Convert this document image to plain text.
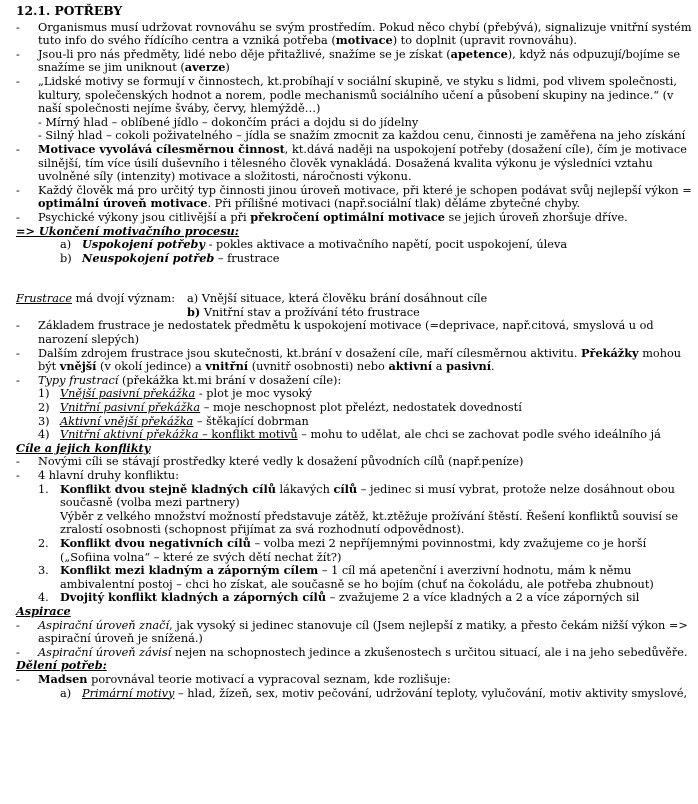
12.1. POTŘEBY
-	Organismus musí udržovat rovnováhu se svým prostředím. Pokud něco chybí (přebývá), signalizuje vnitřní systém tuto info do svého řídícího centra a vzniká potřeba (motivace) to doplnit (upravit rovnováhu).
-	Jsou-li pro nás předměty, lidé nebo děje přitažlivé, snažíme se je získat (apetence), když nás odpuzují/bojíme se snažíme se jim uniknout (averze)
-	„Lidské motivy se formují v činnostech, kt.probíhají v sociální skupině, ve styku s lidmi, pod vlivem společnosti, kultury, společenských hodnot a norem, podle mechanismů sociálního učení a působení skupiny na jedince.“ (v naší společnosti nejíme šváby, červy, hlemýždě…)
- Mírný hlad – oblíbené jídlo – dokončím práci a dojdu si do jídelny
- Silný hlad – cokoli poživatelného – jídla se snažím zmocnit za každou cenu, činnosti je zaměřena na jeho získání
-	Motivace vyvolává cílesměrnou činnost, kt.dává naději na uspokojení potřeby (dosažení cíle), čím je motivace silnější, tím více úsilí duševního i tělesného člověk vynakládá. Dosažená kvalita výkonu je výsledníci vztahu uvolněné síly (intenzity) motivace a složitosti, náročnosti výkonu.
-	Každý člověk má pro určitý typ činnosti jinou úroveň motivace, při které je schopen podávat svůj nejlepší výkon = optimální úroveň motivace. Při přílišné motivaci (např.sociální tlak) děláme zbytečné chyby.
-	Psychické výkony jsou citlivější a při překročení optimální motivace se jejich úroveň zhoršuje dříve.
=> Ukončení motivačního procesu:
a) Uspokojení potřeby - pokles aktivace a motivačního napětí, pocit uspokojení, úleva
b) Neuspokojení potřeb – frustrace
Frustrace má dvojí význam: a) Vnější situace, která člověku brání dosáhnout cíle
b) Vnitřní stav a prožívání této frustrace
-	Základem frustrace je nedostatek předmětu k uspokojení motivace (=deprivace, např.citová, smyslová u od narození slepých)
-	Dalším zdrojem frustrace jsou skutečnosti, kt.brání v dosažení cíle, maří cílesměrnou aktivitu. Překážky mohou být vnější (v okolí jedince) a vnitřní (uvnitř osobnosti) nebo aktivní a pasivní.
-	Typy frustrací (překážka kt.mi brání v dosažení cíle):
1) Vnější pasivní překážka - plot je moc vysoký
2) Vnitřní pasivní překážka – moje neschopnost plot přelézt, nedostatek dovedností
3) Aktivní vnější překážka – štěkající dobrman
4) Vnitřní aktivní překážka – konflikt motivů – mohu to udělat, ale chci se zachovat podle svého ideálního já
Cíle a jejich konflikty
-	Novými cíli se stávají prostředky které vedly k dosažení původních cílů (např.peníze)
-	4 hlavní druhy konfliktu:
1. Konflikt dvou stejně kladných cílů lákavých cílů – jedinec si musí vybrat, protože nelze dosáhnout obou současně (volba mezi partnery)
Výběr z velkého množství možností představuje zátěž, kt.ztěžuje prožívání štěstí. Řešení konfliktů souvisí se zralostí osobnosti (schopnost přijímat za svá rozhodnutí odpovědnost).
2. Konflikt dvou negativních cílů – volba mezi 2 nepříjemnými povinnostmi, kdy zvažujeme co je horší („Sofiina volna“ – které ze svých dětí nechat žít?)
3. Konflikt mezi kladným a záporným cílem – 1 cíl má apetenční i averzivní hodnotu, mám k němu ambivalentní postoj – chci ho získat, ale současně se ho bojím (chuť na čokoládu, ale potřeba zhubnout)
4. Dvojitý konflikt kladných a záporných cílů – zvažujeme 2 a více kladných a 2 a více záporných sil
Aspirace
-	Aspirační úroveň značí, jak vysoký si jedinec stanovuje cíl (Jsem nejlepší z matiky, a přesto čekám nižší výkon => aspirační úroveň je snížená.)
-	Aspirační úroveň závisí nejen na schopnostech jedince a zkušenostech s určitou situací, ale i na jeho sebedůvěře.
Dělení potřeb:
-	Madsen porovnával teorie motivací a vypracoval seznam, kde rozlišuje:
a) Primární motivy – hlad, žízeň, sex, motiv pečování, udržování teploty, vylučování, motiv aktivity smyslové,
